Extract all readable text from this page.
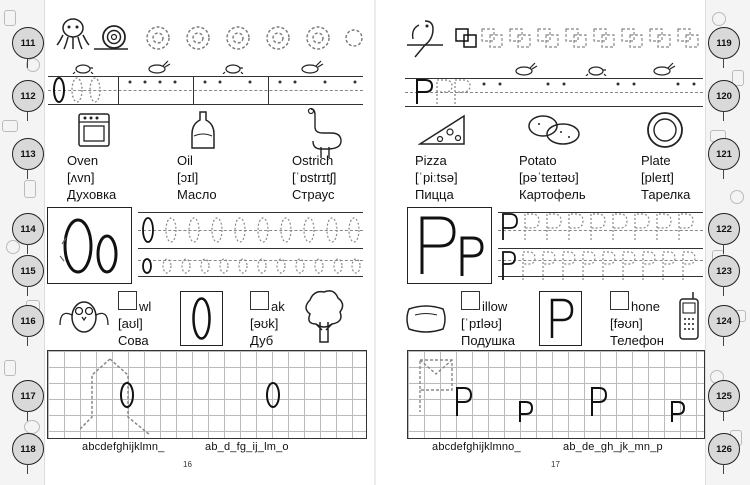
111
112
113
114
115
116
117
118
119
120
121
122
123
124
125
126
Oven
[ʌvn]
Духовка
Oil
[ɔɪl]
Масло
Ostrich
[ˈɒstrɪtʃ]
Страус
wl
[aʊl]
Сова
ak
[əʊk]
Дуб
abcdefghijklmn_	ab_d_fg_ij_lm_o
16
Pizza
[ˈpiːtsə]
Пицца
Potato
[pəˈteɪtəʊ]
Картофель
Plate
[pleɪt]
Тарелка
illow
[ˈpɪləʊ]
Подушка
hone
[fəʊn]
Телефон
abcdefghijklmno_	ab_de_gh_jk_mn_p
17
